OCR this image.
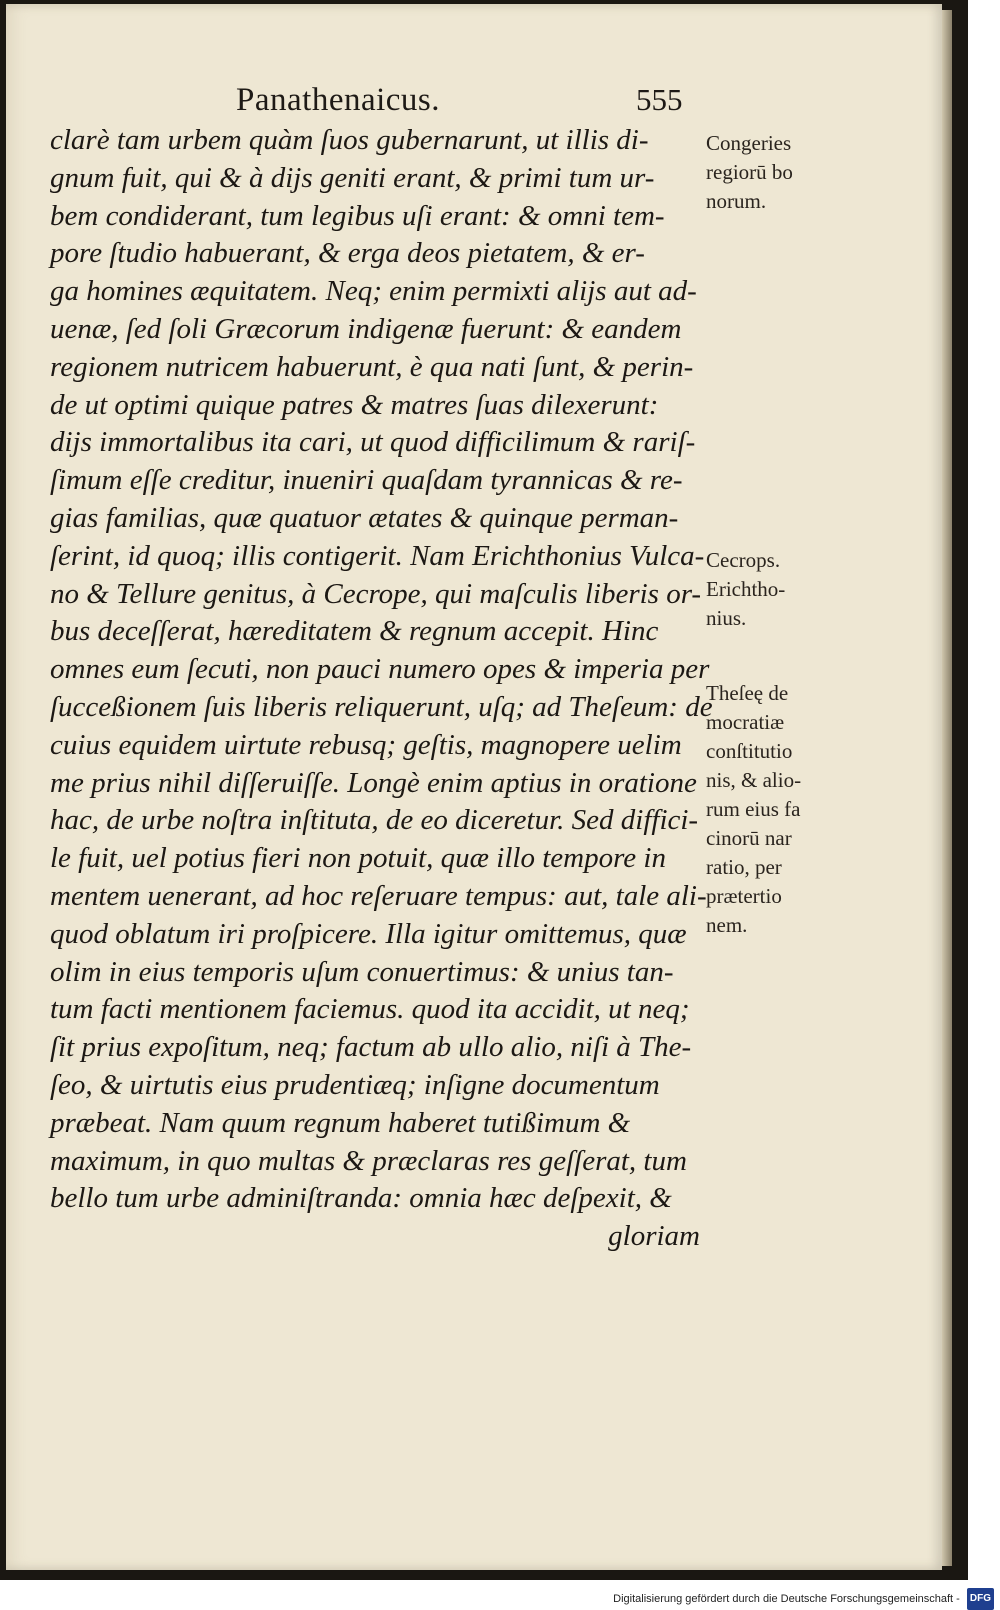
Panathenaicus.	555
clarè tam urbem quàm ſuos gubernarunt, ut illis di-
gnum fuit, qui & à dijs geniti erant, & primi tum ur-
bem condiderant, tum legibus uſi erant: & omni tem-
pore ſtudio habuerant, & erga deos pietatem, & er-
ga homines æquitatem. Neq; enim permixti alijs aut ad-
uenæ, ſed ſoli Græcorum indigenæ fuerunt: & eandem
regionem nutricem habuerunt, è qua nati ſunt, & perin-
de ut optimi quique patres & matres ſuas dilexerunt:
dijs immortalibus ita cari, ut quod difficilimum & rariſ-
ſimum eſſe creditur, inueniri quaſdam tyrannicas & re-
gias familias, quæ quatuor ætates & quinque perman-
ſerint, id quoq; illis contigerit. Nam Erichthonius Vulca-
no & Tellure genitus, à Cecrope, qui maſculis liberis or-
bus deceſſerat, hæreditatem & regnum accepit. Hinc
omnes eum ſecuti, non pauci numero opes & imperia per
ſucceßionem ſuis liberis reliquerunt, uſq; ad Theſeum: de
cuius equidem uirtute rebusq; geſtis, magnopere uelim
me prius nihil diſſeruiſſe. Longè enim aptius in oratione
hac, de urbe noſtra inſtituta, de eo diceretur. Sed diffici-
le fuit, uel potius fieri non potuit, quæ illo tempore in
mentem uenerant, ad hoc reſeruare tempus: aut, tale ali-
quod oblatum iri proſpicere. Illa igitur omittemus, quæ
olim in eius temporis uſum conuertimus: & unius tan-
tum facti mentionem faciemus. quod ita accidit, ut neq;
ſit prius expoſitum, neq; factum ab ullo alio, niſi à The-
ſeo, & uirtutis eius prudentiæq; inſigne documentum
præbeat. Nam quum regnum haberet tutißimum &
maximum, in quo multas & præclaras res geſſerat, tum
bello tum urbe adminiſtranda: omnia hæc deſpexit, &
gloriam
Congeries
regiorū bo
norum.
Cecrops.
Erichtho-
nius.
Theſeę de
mocratiæ
conſtitutio
nis, & alio-
rum eius fa
cinorū nar
ratio, per
prætertio
nem.
Digitalisierung gefördert durch die Deutsche Forschungsgemeinschaft - DFG
